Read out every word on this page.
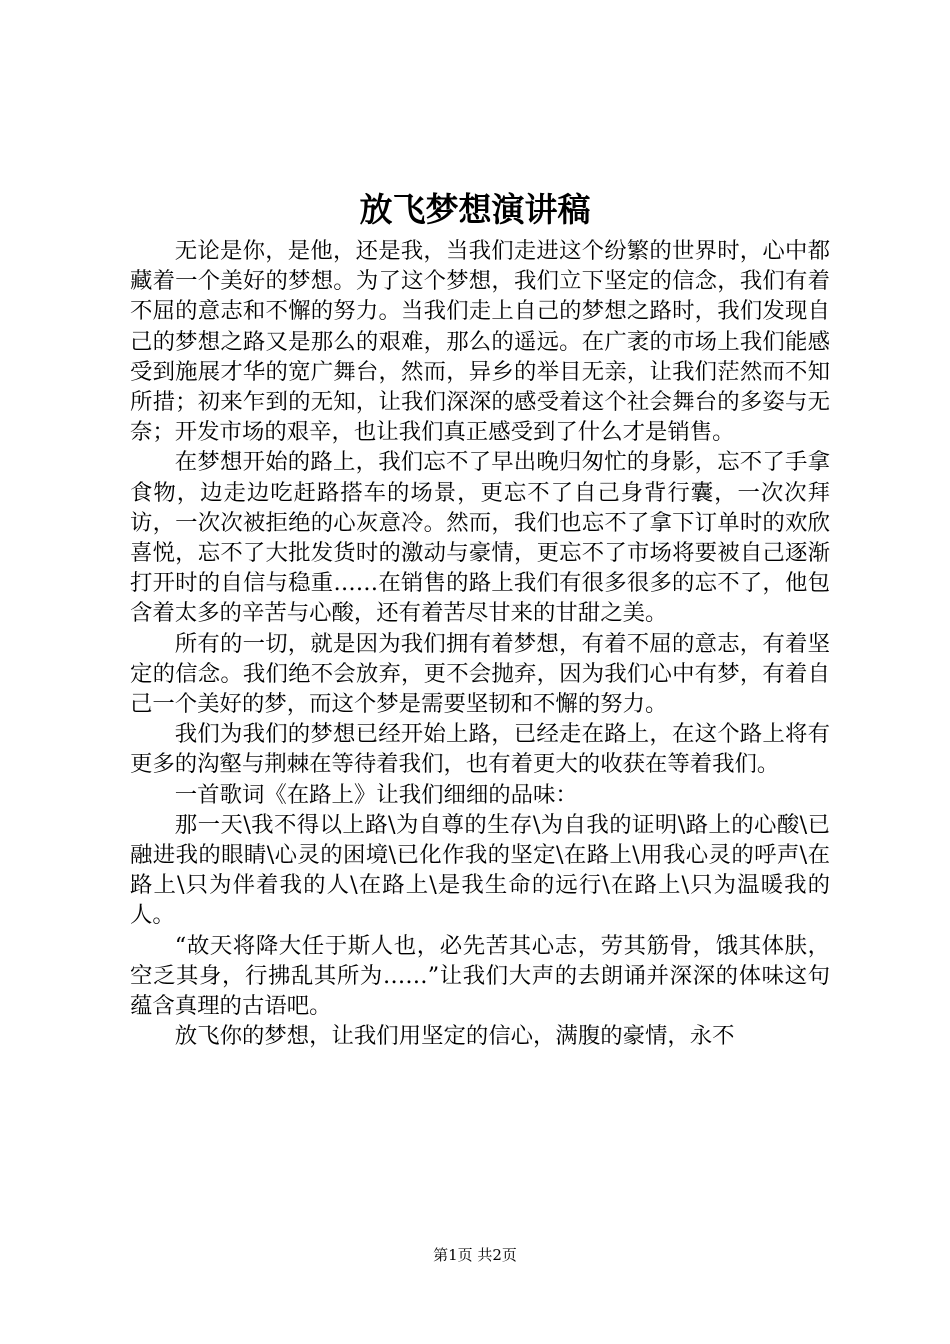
放飞梦想演讲稿

无论是你，是他，还是我，当我们走进这个纷繁的世界时，心中都藏着一个美好的梦想。为了这个梦想，我们立下坚定的信念，我们有着不屈的意志和不懈的努力。当我们走上自己的梦想之路时，我们发现自己的梦想之路又是那么的艰难，那么的遥远。在广袤的市场上我们能感受到施展才华的宽广舞台，然而，异乡的举目无亲，让我们茫然而不知所措；初来乍到的无知，让我们深深的感受着这个社会舞台的多姿与无奈；开发市场的艰辛，也让我们真正感受到了什么才是销售。

在梦想开始的路上，我们忘不了早出晚归匆忙的身影，忘不了手拿食物，边走边吃赶路搭车的场景，更忘不了自己身背行囊，一次次拜访，一次次被拒绝的心灰意冷。然而，我们也忘不了拿下订单时的欢欣喜悦，忘不了大批发货时的激动与豪情，更忘不了市场将要被自己逐渐打开时的自信与稳重……在销售的路上我们有很多很多的忘不了，他包含着太多的辛苦与心酸，还有着苦尽甘来的甘甜之美。

所有的一切，就是因为我们拥有着梦想，有着不屈的意志，有着坚定的信念。我们绝不会放弃，更不会抛弃，因为我们心中有梦，有着自己一个美好的梦，而这个梦是需要坚韧和不懈的努力。

我们为我们的梦想已经开始上路，已经走在路上，在这个路上将有更多的沟壑与荆棘在等待着我们，也有着更大的收获在等着我们。

一首歌词《在路上》让我们细细的品味：

那一天\我不得以上路\为自尊的生存\为自我的证明\路上的心酸\已融进我的眼睛\心灵的困境\已化作我的坚定\在路上\用我心灵的呼声\在路上\只为伴着我的人\在路上\是我生命的远行\在路上\只为温暖我的人。

“故天将降大任于斯人也，必先苦其心志，劳其筋骨，饿其体肤，空乏其身，行拂乱其所为……”让我们大声的去朗诵并深深的体味这句蕴含真理的古语吧。

放飞你的梦想，让我们用坚定的信心，满腹的豪情，永不

第1页 共2页
